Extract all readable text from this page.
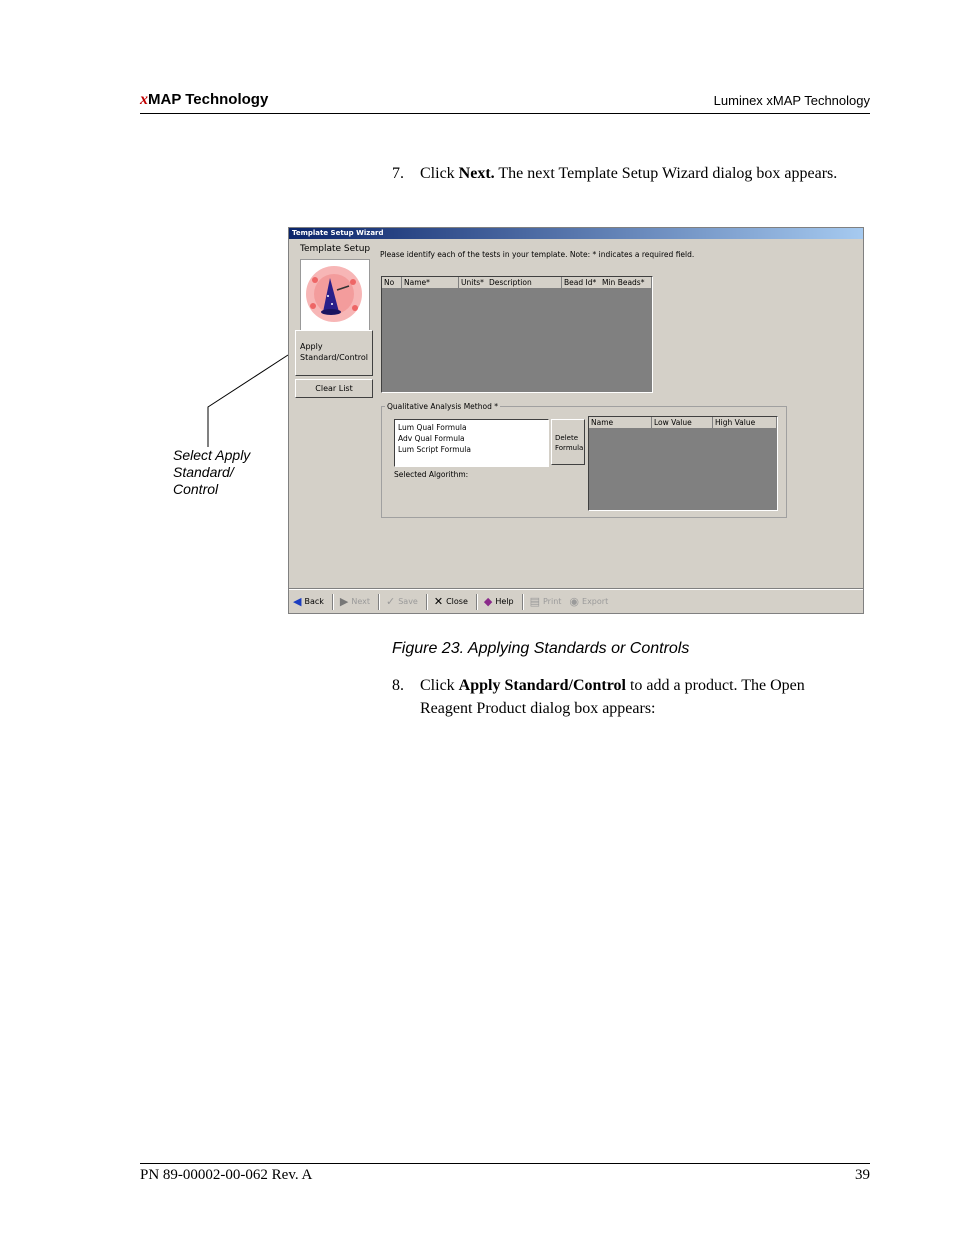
xMAP Technology	Luminex xMAP Technology
7. Click Next. The next Template Setup Wizard dialog box appears.
Select Apply
Standard/
Control
Template Setup Wizard
Template Setup
Apply
Standard/Control
Clear List
Please identify each of the tests in your template. Note: * indicates a required field.
No	Name*	Units* Description	Bead Id* Min Beads*
Qualitative Analysis Method *
Lum Qual Formula
Adv Qual Formula
Lum Script Formula
Delete
Formula
Selected Algorithm:
Name	Low Value	High Value
◀ Back ▶ Next ✓ Save ✕ Close ◆ Help ▤ Print ◉ Export
Figure 23. Applying Standards or Controls
8. Click Apply Standard/Control to add a product. The Open Reagent Product dialog box appears:
PN 89-00002-00-062 Rev. A	39
